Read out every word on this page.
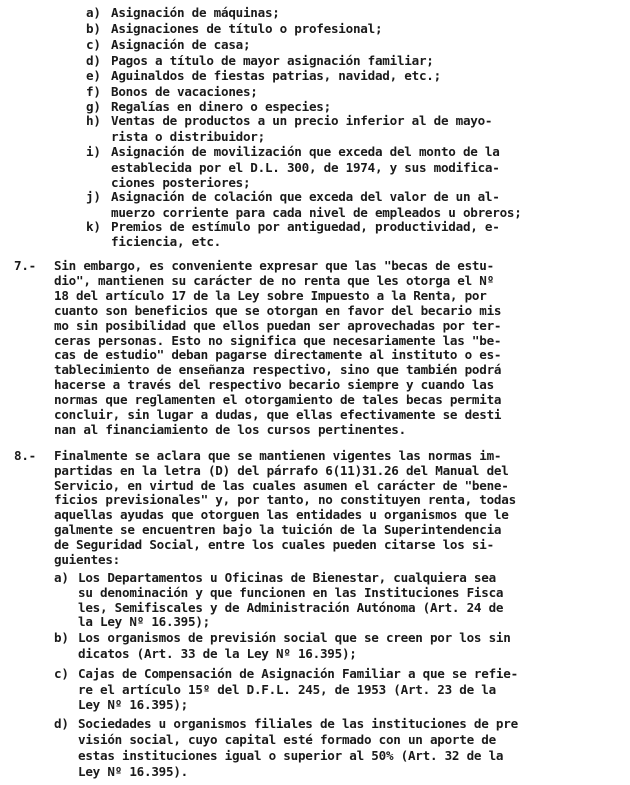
a) Asignación de máquinas;
b) Asignaciones de título o profesional;
c) Asignación de casa;
d) Pagos a título de mayor asignación familiar;
e) Aguinaldos de fiestas patrias, navidad, etc.;
f) Bonos de vacaciones;
g) Regalías en dinero o especies;
h) Ventas de productos a un precio inferior al de mayo-
rista o distribuidor;
i) Asignación de movilización que exceda del monto de la
establecida por el D.L. 300, de 1974, y sus modifica-
ciones posteriores;
j) Asignación de colación que exceda del valor de un al-
muerzo corriente para cada nivel de empleados u obreros;
k) Premios de estímulo por antiguedad, productividad, e-
ficiencia, etc.
7.- Sin embargo, es conveniente expresar que las "becas de estu-
dio", mantienen su carácter de no renta que les otorga el Nº
18 del artículo 17 de la Ley sobre Impuesto a la Renta, por
cuanto son beneficios que se otorgan en favor del becario mis
mo sin posibilidad que ellos puedan ser aprovechadas por ter-
ceras personas. Esto no significa que necesariamente las "be-
cas de estudio" deban pagarse directamente al instituto o es-
tablecimiento de enseñanza respectivo, sino que también podrá
hacerse a través del respectivo becario siempre y cuando las
normas que reglamenten el otorgamiento de tales becas permita
concluir, sin lugar a dudas, que ellas efectivamente se desti
nan al financiamiento de los cursos pertinentes.
8.- Finalmente se aclara que se mantienen vigentes las normas im-
partidas en la letra (D) del párrafo 6(11)31.26 del Manual del
Servicio, en virtud de las cuales asumen el carácter de "bene-
ficios previsionales" y, por tanto, no constituyen renta, todas
aquellas ayudas que otorguen las entidades u organismos que le
galmente se encuentren bajo la tuición de la Superintendencia
de Seguridad Social, entre los cuales pueden citarse los si-
guientes:
a) Los Departamentos u Oficinas de Bienestar, cualquiera sea
su denominación y que funcionen en las Instituciones Fisca
les, Semifiscales y de Administración Autónoma (Art. 24 de
la Ley Nº 16.395);
b) Los organismos de previsión social que se creen por los sin
dicatos (Art. 33 de la Ley Nº 16.395);
c) Cajas de Compensación de Asignación Familiar a que se refie-
re el artículo 15º del D.F.L. 245, de 1953 (Art. 23 de la
Ley Nº 16.395);
d) Sociedades u organismos filiales de las instituciones de pre
visión social, cuyo capital esté formado con un aporte de
estas instituciones igual o superior al 50% (Art. 32 de la
Ley Nº 16.395).
